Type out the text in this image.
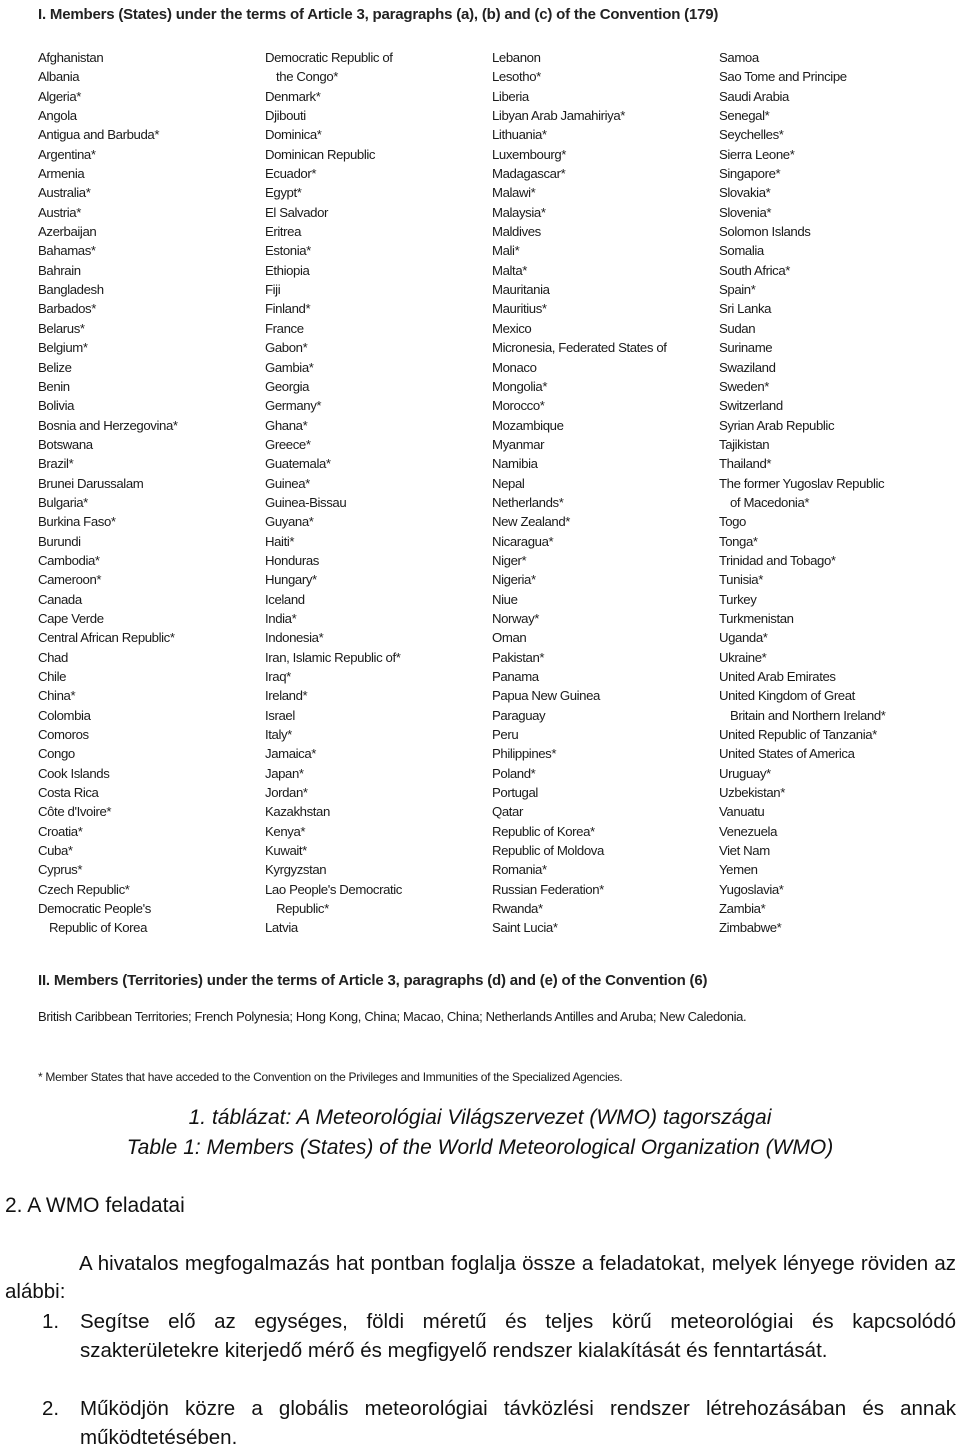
I. Members (States) under the terms of Article 3, paragraphs (a), (b) and (c) of the Convention (179)
Afghanistan
Albania
Algeria*
Angola
Antigua and Barbuda*
Argentina*
Armenia
Australia*
Austria*
Azerbaijan
Bahamas*
Bahrain
Bangladesh
Barbados*
Belarus*
Belgium*
Belize
Benin
Bolivia
Bosnia and Herzegovina*
Botswana
Brazil*
Brunei Darussalam
Bulgaria*
Burkina Faso*
Burundi
Cambodia*
Cameroon*
Canada
Cape Verde
Central African Republic*
Chad
Chile
China*
Colombia
Comoros
Congo
Cook Islands
Costa Rica
Côte d'Ivoire*
Croatia*
Cuba*
Cyprus*
Czech Republic*
Democratic People's
Republic of Korea
Democratic Republic of
the Congo*
Denmark*
Djibouti
Dominica*
Dominican Republic
Ecuador*
Egypt*
El Salvador
Eritrea
Estonia*
Ethiopia
Fiji
Finland*
France
Gabon*
Gambia*
Georgia
Germany*
Ghana*
Greece*
Guatemala*
Guinea*
Guinea-Bissau
Guyana*
Haiti*
Honduras
Hungary*
Iceland
India*
Indonesia*
Iran, Islamic Republic of*
Iraq*
Ireland*
Israel
Italy*
Jamaica*
Japan*
Jordan*
Kazakhstan
Kenya*
Kuwait*
Kyrgyzstan
Lao People's Democratic
Republic*
Latvia
Lebanon
Lesotho*
Liberia
Libyan Arab Jamahiriya*
Lithuania*
Luxembourg*
Madagascar*
Malawi*
Malaysia*
Maldives
Mali*
Malta*
Mauritania
Mauritius*
Mexico
Micronesia, Federated States of
Monaco
Mongolia*
Morocco*
Mozambique
Myanmar
Namibia
Nepal
Netherlands*
New Zealand*
Nicaragua*
Niger*
Nigeria*
Niue
Norway*
Oman
Pakistan*
Panama
Papua New Guinea
Paraguay
Peru
Philippines*
Poland*
Portugal
Qatar
Republic of Korea*
Republic of Moldova
Romania*
Russian Federation*
Rwanda*
Saint Lucia*
Samoa
Sao Tome and Principe
Saudi Arabia
Senegal*
Seychelles*
Sierra Leone*
Singapore*
Slovakia*
Slovenia*
Solomon Islands
Somalia
South Africa*
Spain*
Sri Lanka
Sudan
Suriname
Swaziland
Sweden*
Switzerland
Syrian Arab Republic
Tajikistan
Thailand*
The former Yugoslav Republic
of Macedonia*
Togo
Tonga*
Trinidad and Tobago*
Tunisia*
Turkey
Turkmenistan
Uganda*
Ukraine*
United Arab Emirates
United Kingdom of Great
Britain and Northern Ireland*
United Republic of Tanzania*
United States of America
Uruguay*
Uzbekistan*
Vanuatu
Venezuela
Viet Nam
Yemen
Yugoslavia*
Zambia*
Zimbabwe*
II. Members (Territories) under the terms of Article 3, paragraphs (d) and (e) of the Convention (6)
British Caribbean Territories; French Polynesia; Hong Kong, China; Macao, China; Netherlands Antilles and Aruba; New Caledonia.
* Member States that have acceded to the Convention on the Privileges and Immunities of the Specialized Agencies.
1. táblázat: A Meteorológiai Világszervezet (WMO) tagországai
Table 1: Members (States) of the World Meteorological Organization (WMO)
2. A WMO feladatai
A hivatalos megfogalmazás hat pontban foglalja össze a feladatokat, melyek lényege röviden az alábbi:
1. Segítse elő az egységes, földi méretű és teljes körű meteorológiai és kapcsolódó szakterületekre kiterjedő mérő és megfigyelő rendszer kialakítását és fenntartását.
2. Működjön közre a globális meteorológiai távközlési rendszer létrehozásában és annak működtetésében.
